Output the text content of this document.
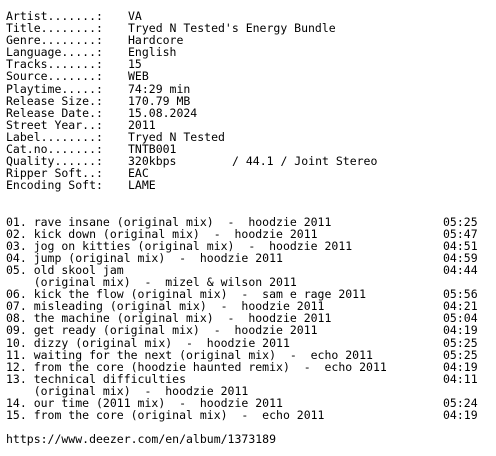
Artist.......: VA
Title........: Tryed N Tested's Energy Bundle
Genre........: Hardcore
Language.....: English
Tracks.......: 15
Source.......: WEB
Playtime.....: 74:29 min
Release Size.: 170.79 MB
Release Date.: 15.08.2024
Street Year..: 2011
Label........: Tryed N Tested
Cat.no.......: TNTB001
Quality......: 320kbps	/ 44.1 / Joint Stereo
Ripper Soft..: EAC
Encoding Soft: LAME
01. rave insane (original mix)  -  hoodzie 2011	05:25
02. kick down (original mix)  -  hoodzie 2011	05:47
03. jog on kitties (original mix)  -  hoodzie 2011	04:51
04. jump (original mix)  -  hoodzie 2011	04:59
05. old skool jam	04:44
(original mix)  -  mizel & wilson 2011
06. kick the flow (original mix)  -  sam e rage 2011	05:56
07. misleading (original mix)  -  hoodzie 2011	04:21
08. the machine (original mix)  -  hoodzie 2011	05:04
09. get ready (original mix)  -  hoodzie 2011	04:19
10. dizzy (original mix)  -  hoodzie 2011	05:25
11. waiting for the next (original mix)  -  echo 2011	05:25
12. from the core (hoodzie haunted remix)  -  echo 2011	04:19
13. technical difficulties	04:11
(original mix)  -  hoodzie 2011
14. our time (2011 mix)  -  hoodzie 2011	05:24
15. from the core (original mix)  -  echo 2011	04:19
https://www.deezer.com/en/album/1373189
